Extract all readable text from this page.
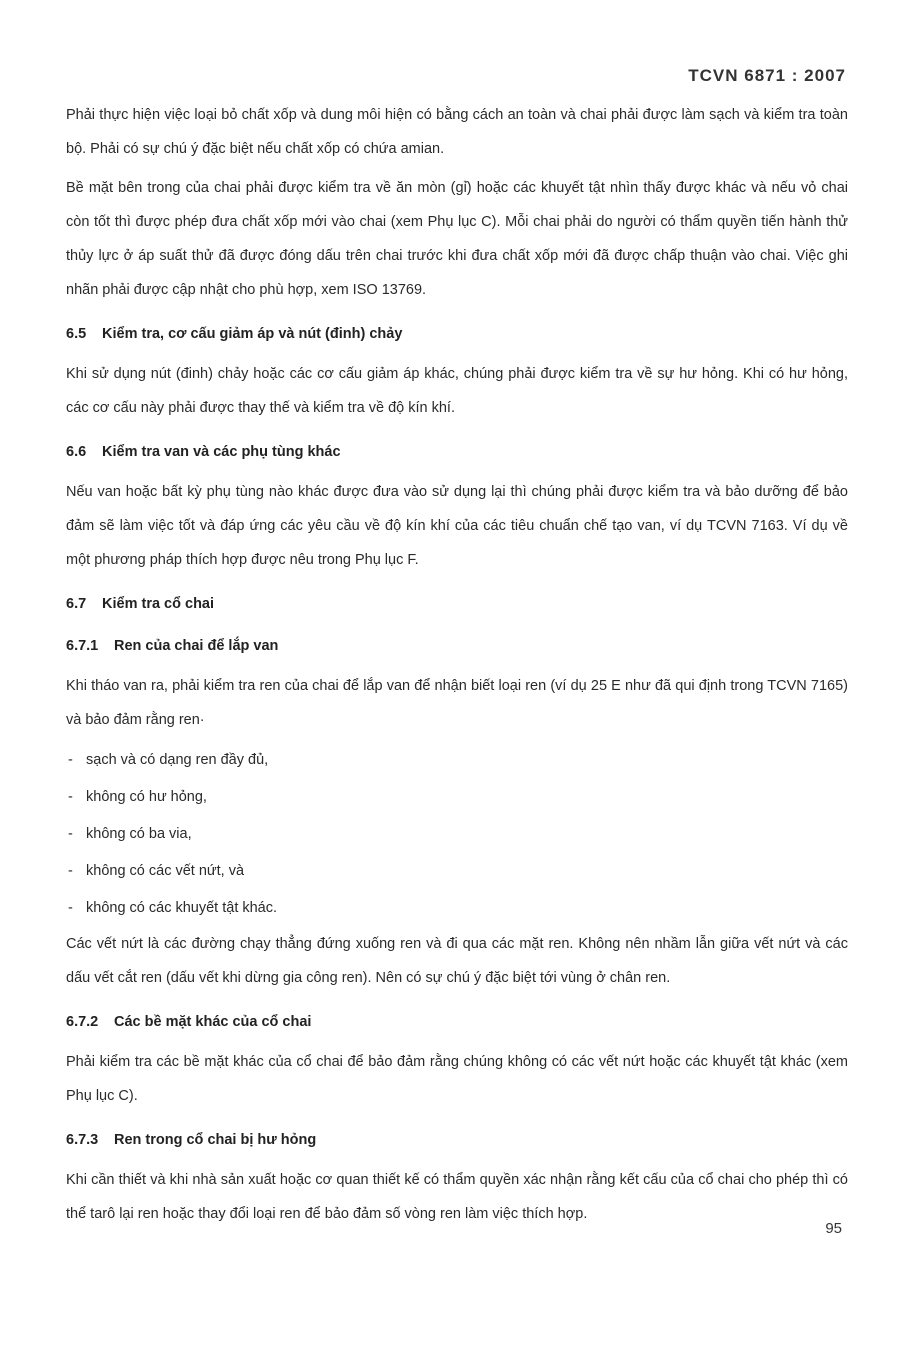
TCVN 6871 : 2007

Phải thực hiện việc loại bỏ chất xốp và dung môi hiện có bằng cách an toàn và chai phải được làm sạch và kiểm tra toàn bộ. Phải có sự chú ý đặc biệt nếu chất xốp có chứa amian.

Bề mặt bên trong của chai phải được kiểm tra về ăn mòn (gỉ) hoặc các khuyết tật nhìn thấy được khác và nếu vỏ chai còn tốt thì được phép đưa chất xốp mới vào chai (xem Phụ lục C). Mỗi chai phải do người có thẩm quyền tiến hành thử thủy lực ở áp suất thử đã được đóng dấu trên chai trước khi đưa chất xốp mới đã được chấp thuận vào chai. Việc ghi nhãn phải được cập nhật cho phù hợp, xem ISO 13769.

6.5 Kiểm tra, cơ cấu giảm áp và nút (đinh) chảy

Khi sử dụng nút (đinh) chảy hoặc các cơ cấu giảm áp khác, chúng phải được kiểm tra về sự hư hỏng. Khi có hư hỏng, các cơ cấu này phải được thay thế và kiểm tra về độ kín khí.

6.6 Kiểm tra van và các phụ tùng khác

Nếu van hoặc bất kỳ phụ tùng nào khác được đưa vào sử dụng lại thì chúng phải được kiểm tra và bảo dưỡng để bảo đảm sẽ làm việc tốt và đáp ứng các yêu cầu về độ kín khí của các tiêu chuẩn chế tạo van, ví dụ TCVN 7163. Ví dụ về một phương pháp thích hợp được nêu trong Phụ lục F.

6.7 Kiểm tra cổ chai
6.7.1 Ren của chai để lắp van

Khi tháo van ra, phải kiểm tra ren của chai để lắp van để nhận biết loại ren (ví dụ 25 E như đã qui định trong TCVN 7165) và bảo đảm rằng ren·

- sạch và có dạng ren đầy đủ,
- không có hư hỏng,
- không có ba via,
- không có các vết nứt, và
- không có các khuyết tật khác.

Các vết nứt là các đường chạy thẳng đứng xuống ren và đi qua các mặt ren. Không nên nhầm lẫn giữa vết nứt và các dấu vết cắt ren (dấu vết khi dừng gia công ren). Nên có sự chú ý đặc biệt tới vùng ở chân ren.

6.7.2 Các bề mặt khác của cổ chai

Phải kiểm tra các bề mặt khác của cổ chai để bảo đảm rằng chúng không có các vết nứt hoặc các khuyết tật khác (xem Phụ lục C).

6.7.3 Ren trong cổ chai bị hư hỏng

Khi cần thiết và khi nhà sản xuất hoặc cơ quan thiết kế có thẩm quyền xác nhận rằng kết cấu của cổ chai cho phép thì có thể tarô lại ren hoặc thay đổi loại ren để bảo đảm số vòng ren làm việc thích hợp.

95
